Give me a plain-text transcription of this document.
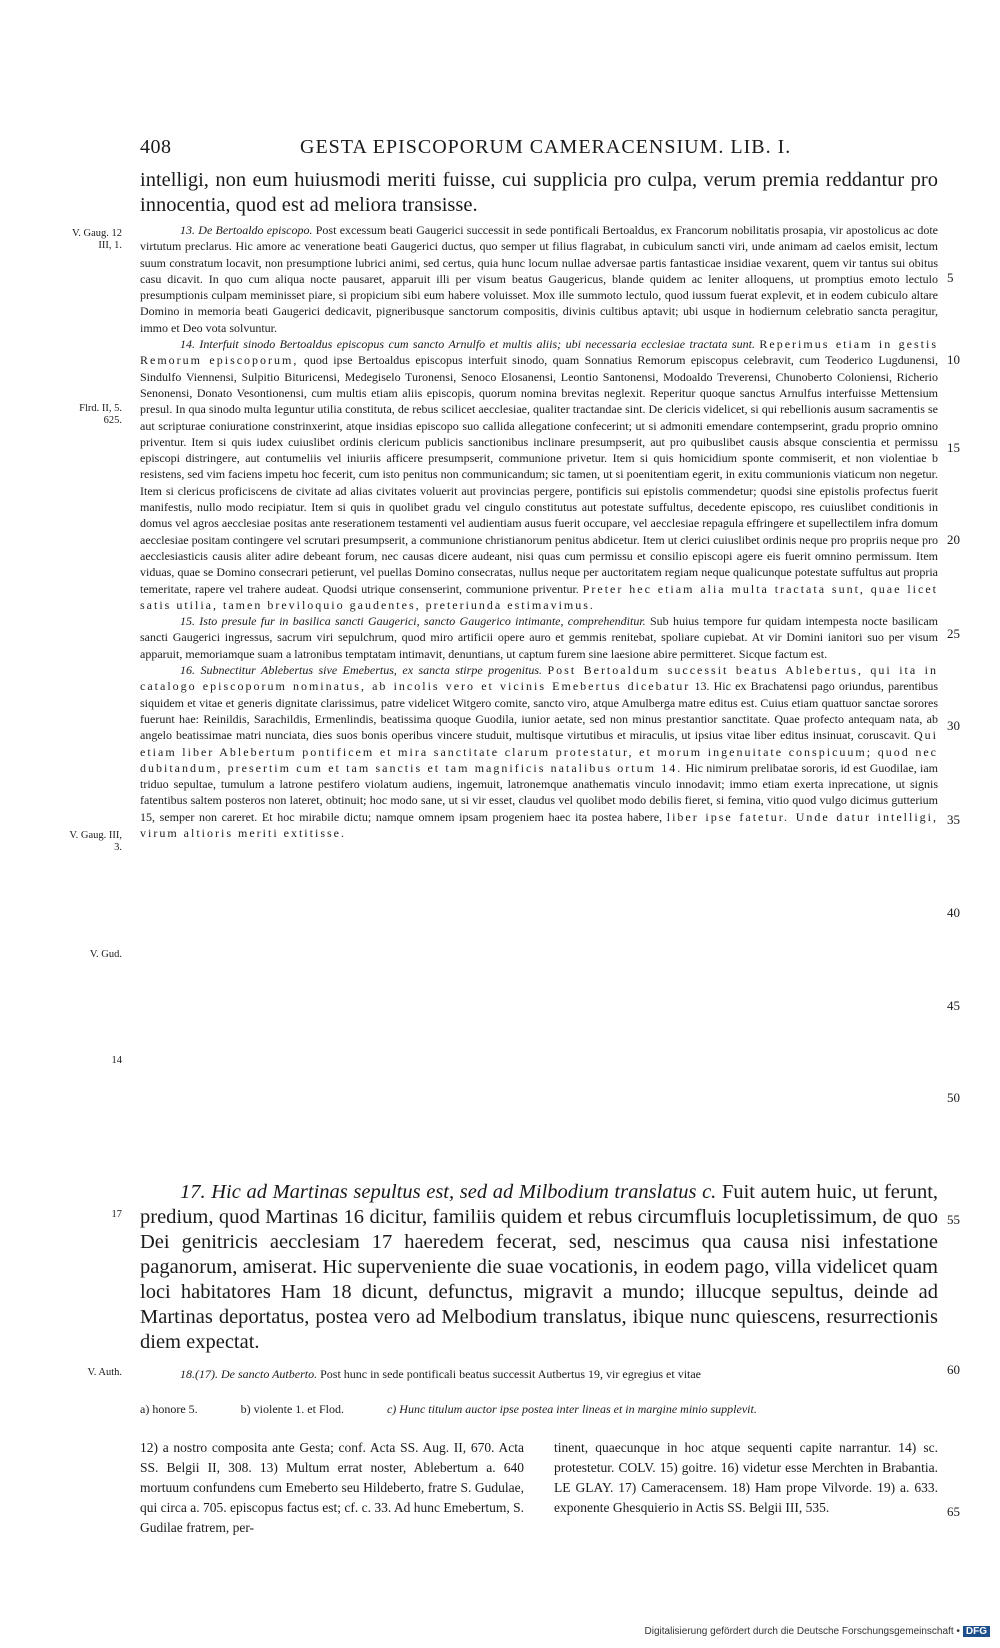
408	GESTA EPISCOPORUM CAMERACENSIUM. LIB. I.
V. Gaug. 12 III, 1.
Flrd. II, 5. 625.
V. Gaug. III, 3.
V. Gud.
14
17
V. Auth.
5
10
15
20
25
30
35
40
45
50
55
60
65

intelligi, non eum huiusmodi meriti fuisse, cui supplicia pro culpa, verum premia reddantur pro innocentia, quod est ad meliora transisse.

13. De Bertoaldo episcopo. Post excessum beati Gaugerici successit in sede pontificali Bertoaldus, ex Francorum nobilitatis prosapia, vir apostolicus ac dote virtutum preclarus. Hic amore ac veneratione beati Gaugerici ductus, quo semper ut filius flagrabat, in cubiculum sancti viri, unde animam ad caelos emisit, lectum suum constratum locavit, non presumptione lubrici animi, sed certus, quia hunc locum nullae adversae partis fantasticae insidiae vexarent, quem vir tantus sui obitus casu dicavit. In quo cum aliqua nocte pausaret, apparuit illi per visum beatus Gaugericus, blande quidem ac leniter alloquens, ut promptius emoto lectulo presumptionis culpam meminisset piare, si propicium sibi eum habere voluisset. Mox ille summoto lectulo, quod iussum fuerat explevit, et in eodem cubiculo altare Domino in memoria beati Gaugerici dedicavit, pigneribusque sanctorum compositis, divinis cultibus aptavit; ubi usque in hodiernum celebratio sancta peragitur, immo et Deo vota solvuntur.

14. Interfuit sinodo Bertoaldus episcopus cum sancto Arnulfo et multis aliis; ubi necessaria ecclesiae tractata sunt. Reperimus etiam in gestis Remorum episcoporum, quod ipse Bertoaldus episcopus interfuit sinodo, quam Sonnatius Remorum episcopus celebravit, cum Teoderico Lugdunensi, Sindulfo Viennensi, Sulpitio Bituricensi, Medegiselo Turonensi, Senoco Elosanensi, Leontio Santonensi, Modoaldo Treverensi, Chunoberto Coloniensi, Richerio Senonensi, Donato Vesontionensi, cum multis etiam aliis episcopis, quorum nomina brevitas neglexit. Reperitur quoque sanctus Arnulfus interfuisse Mettensium presul. In qua sinodo multa leguntur utilia constituta, de rebus scilicet aecclesiae, qualiter tractandae sint. De clericis videlicet, si qui rebellionis ausum sacramentis se aut scripturae coniuratione constrinxerint, atque insidias episcopo suo callida allegatione confecerint; ut si admoniti emendare contempserint, gradu proprio omnino priventur. Item si quis iudex cuiuslibet ordinis clericum publicis sanctionibus inclinare presumpserit, aut pro quibuslibet causis absque conscientia et permissu episcopi distringere, aut contumeliis vel iniuriis afficere presumpserit, communione privetur. Item si quis homicidium sponte commiserit, et non violentiae b resistens, sed vim faciens impetu hoc fecerit, cum isto penitus non communicandum; sic tamen, ut si poenitentiam egerit, in exitu communionis viaticum non negetur. Item si clericus proficiscens de civitate ad alias civitates voluerit aut provincias pergere, pontificis sui epistolis commendetur; quodsi sine epistolis profectus fuerit manifestis, nullo modo recipiatur. Item si quis in quolibet gradu vel cingulo constitutus aut potestate suffultus, decedente episcopo, res cuiuslibet conditionis in domus vel agros aecclesiae positas ante reserationem testamenti vel audientiam ausus fuerit occupare, vel aecclesiae repagula effringere et supellectilem infra domum aecclesiae positam contingere vel scrutari presumpserit, a communione christianorum penitus abdicetur. Item ut clerici cuiuslibet ordinis neque pro propriis neque pro aecclesiasticis causis aliter adire debeant forum, nec causas dicere audeant, nisi quas cum permissu et consilio episcopi agere eis fuerit omnino permissum. Item viduas, quae se Domino consecrari petierunt, vel puellas Domino consecratas, nullus neque per auctoritatem regiam neque qualicunque potestate suffultus aut propria temeritate, rapere vel trahere audeat. Quodsi utrique consenserint, communione priventur. Preter hec etiam alia multa tractata sunt, quae licet satis utilia, tamen breviloquio gaudentes, preteriunda estimavimus.

15. Isto presule fur in basilica sancti Gaugerici, sancto Gaugerico intimante, comprehenditur. Sub huius tempore fur quidam intempesta nocte basilicam sancti Gaugerici ingressus, sacrum viri sepulchrum, quod miro artificii opere auro et gemmis renitebat, spoliare cupiebat. At vir Domini ianitori suo per visum apparuit, memoriamque suam a latronibus temptatam intimavit, denuntians, ut captum furem sine laesione abire permitteret. Sicque factum est.

16. Subnectitur Ablebertus sive Emebertus, ex sancta stirpe progenitus. Post Bertoaldum successit beatus Ablebertus, qui ita in catalogo episcoporum nominatus, ab incolis vero et vicinis Emebertus dicebatur 13. Hic ex Brachatensi pago oriundus, parentibus siquidem et vitae et generis dignitate clarissimus, patre videlicet Witgero comite, sancto viro, atque Amulberga matre editus est. Cuius etiam quattuor sanctae sorores fuerunt hae: Reinildis, Sarachildis, Ermenlindis, beatissima quoque Guodila, iunior aetate, sed non minus prestantior sanctitate. Quae profecto antequam nata, ab angelo beatissimae matri nunciata, dies suos bonis operibus vincere studuit, multisque virtutibus et miraculis, ut ipsius vitae liber editus insinuat, coruscavit. Qui etiam liber Ablebertum pontificem et mira sanctitate clarum protestatur, et morum ingenuitate conspicuum; quod nec dubitandum, presertim cum et tam sanctis et tam magnificis natalibus ortum 14. Hic nimirum prelibatae sororis, id est Guodilae, iam triduo sepultae, tumulum a latrone pestifero violatum audiens, ingemuit, latronemque anathematis vinculo innodavit; immo etiam exerta inprecatione, ut signis fatentibus saltem posteros non lateret, obtinuit; hoc modo sane, ut si vir esset, claudus vel quolibet modo debilis fieret, si femina, vitio quod vulgo dicimus gutterium 15, semper non careret. Et hoc mirabile dictu; namque omnem ipsam progeniem haec ita postea habere, liber ipse fatetur. Unde datur intelligi, virum altioris meriti extitisse.

17. Hic ad Martinas sepultus est, sed ad Milbodium translatus c. Fuit autem huic, ut ferunt, predium, quod Martinas 16 dicitur, familiis quidem et rebus circumfluis locupletissimum, de quo Dei genitricis aecclesiam 17 haeredem fecerat, sed, nescimus qua causa nisi infestatione paganorum, amiserat. Hic superveniente die suae vocationis, in eodem pago, villa videlicet quam loci habitatores Ham 18 dicunt, defunctus, migravit a mundo; illucque sepultus, deinde ad Martinas deportatus, postea vero ad Melbodium translatus, ibique nunc quiescens, resurrectionis diem expectat.

18.(17). De sancto Autberto. Post hunc in sede pontificali beatus successit Autbertus 19, vir egregius et vitae

a) honore 5.	b) violente 1. et Flod.	c) Hunc titulum auctor ipse postea inter lineas et in margine minio supplevit.
12) a nostro composita ante Gesta; conf. Acta SS. Aug. II, 670. Acta SS. Belgii II, 308. 13) Multum errat noster, Ablebertum a. 640 mortuum confundens cum Emeberto seu Hildeberto, fratre S. Gudulae, qui circa a. 705. episcopus factus est; cf. c. 33. Ad hunc Emebertum, S. Gudilae fratrem, per-
tinent, quaecunque in hoc atque sequenti capite narrantur. 14) sc. protestetur. COLV. 15) goitre. 16) videtur esse Merchten in Brabantia. LE GLAY. 17) Cameracensem. 18) Ham prope Vilvorde. 19) a. 633. exponente Ghesquierio in Actis SS. Belgii III, 535.
Digitalisierung gefördert durch die Deutsche Forschungsgemeinschaft • DFG
